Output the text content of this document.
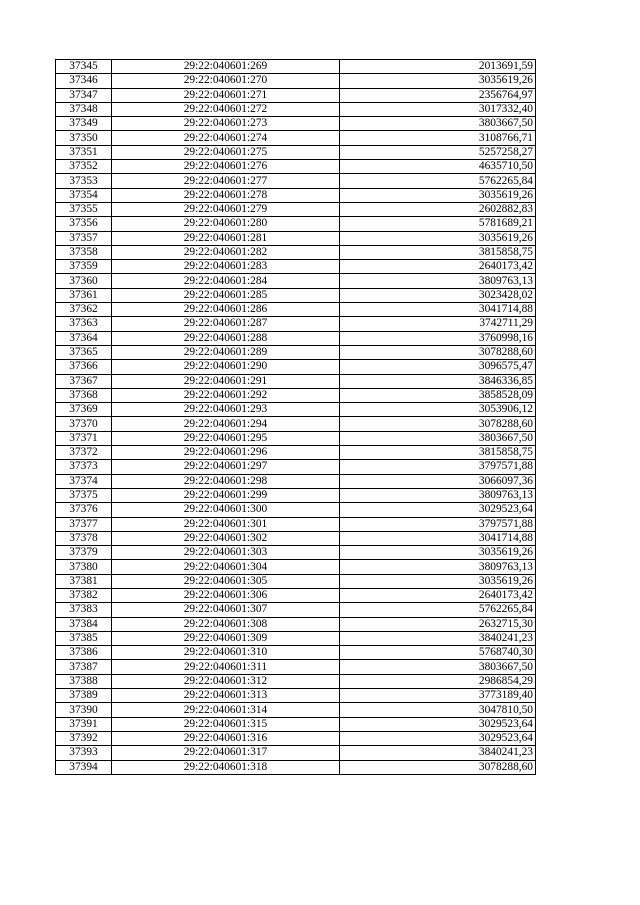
37345	29:22:040601:269	2013691,59
37346	29:22:040601:270	3035619,26
37347	29:22:040601:271	2356764,97
37348	29:22:040601:272	3017332,40
37349	29:22:040601:273	3803667,50
37350	29:22:040601:274	3108766,71
37351	29:22:040601:275	5257258,27
37352	29:22:040601:276	4635710,50
37353	29:22:040601:277	5762265,84
37354	29:22:040601:278	3035619,26
37355	29:22:040601:279	2602882,83
37356	29:22:040601:280	5781689,21
37357	29:22:040601:281	3035619,26
37358	29:22:040601:282	3815858,75
37359	29:22:040601:283	2640173,42
37360	29:22:040601:284	3809763,13
37361	29:22:040601:285	3023428,02
37362	29:22:040601:286	3041714,88
37363	29:22:040601:287	3742711,29
37364	29:22:040601:288	3760998,16
37365	29:22:040601:289	3078288,60
37366	29:22:040601:290	3096575,47
37367	29:22:040601:291	3846336,85
37368	29:22:040601:292	3858528,09
37369	29:22:040601:293	3053906,12
37370	29:22:040601:294	3078288,60
37371	29:22:040601:295	3803667,50
37372	29:22:040601:296	3815858,75
37373	29:22:040601:297	3797571,88
37374	29:22:040601:298	3066097,36
37375	29:22:040601:299	3809763,13
37376	29:22:040601:300	3029523,64
37377	29:22:040601:301	3797571,88
37378	29:22:040601:302	3041714,88
37379	29:22:040601:303	3035619,26
37380	29:22:040601:304	3809763,13
37381	29:22:040601:305	3035619,26
37382	29:22:040601:306	2640173,42
37383	29:22:040601:307	5762265,84
37384	29:22:040601:308	2632715,30
37385	29:22:040601:309	3840241,23
37386	29:22:040601:310	5768740,30
37387	29:22:040601:311	3803667,50
37388	29:22:040601:312	2986854,29
37389	29:22:040601:313	3773189,40
37390	29:22:040601:314	3047810,50
37391	29:22:040601:315	3029523,64
37392	29:22:040601:316	3029523,64
37393	29:22:040601:317	3840241,23
37394	29:22:040601:318	3078288,60
